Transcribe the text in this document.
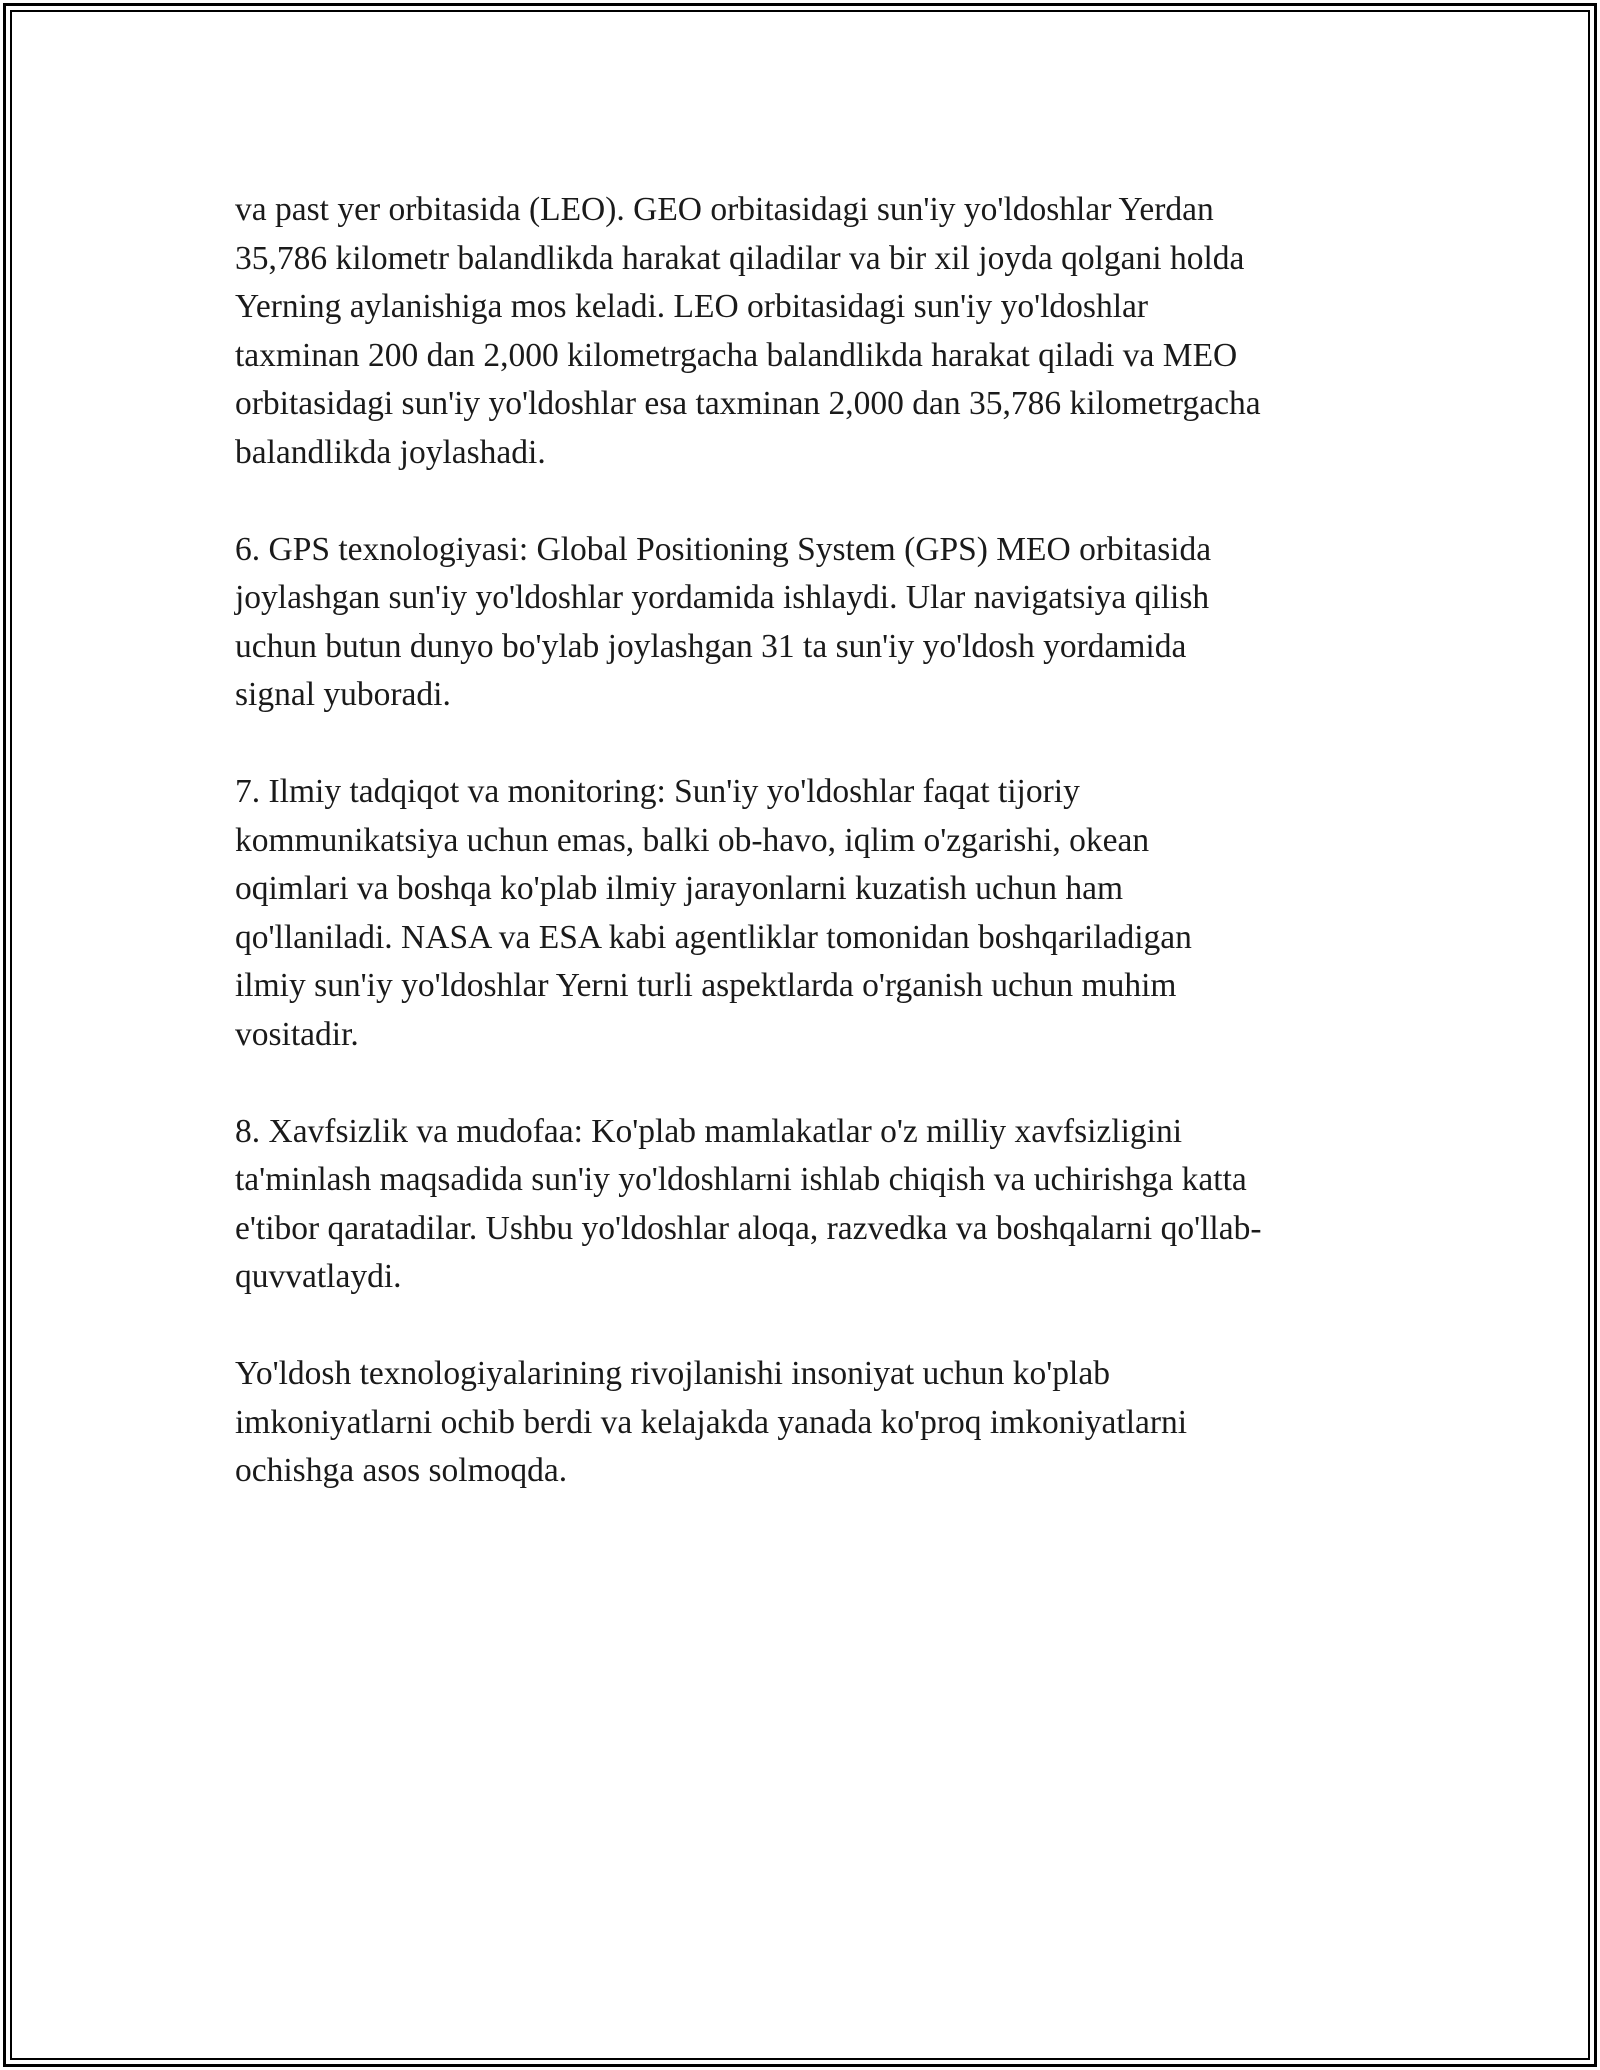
va past yer orbitasida (LEO). GEO orbitasidagi sun'iy yo'ldoshlar Yerdan
35,786 kilometr balandlikda harakat qiladilar va bir xil joyda qolgani holda
Yerning aylanishiga mos keladi. LEO orbitasidagi sun'iy yo'ldoshlar
taxminan 200 dan 2,000 kilometrgacha balandlikda harakat qiladi va MEO
orbitasidagi sun'iy yo'ldoshlar esa taxminan 2,000 dan 35,786 kilometrgacha
balandlikda joylashadi.

6. GPS texnologiyasi: Global Positioning System (GPS) MEO orbitasida
joylashgan sun'iy yo'ldoshlar yordamida ishlaydi. Ular navigatsiya qilish
uchun butun dunyo bo'ylab joylashgan 31 ta sun'iy yo'ldosh yordamida
signal yuboradi.

7. Ilmiy tadqiqot va monitoring: Sun'iy yo'ldoshlar faqat tijoriy
kommunikatsiya uchun emas, balki ob-havo, iqlim o'zgarishi, okean
oqimlari va boshqa ko'plab ilmiy jarayonlarni kuzatish uchun ham
qo'llaniladi. NASA va ESA kabi agentliklar tomonidan boshqariladigan
ilmiy sun'iy yo'ldoshlar Yerni turli aspektlarda o'rganish uchun muhim
vositadir.

8. Xavfsizlik va mudofaa: Ko'plab mamlakatlar o'z milliy xavfsizligini
ta'minlash maqsadida sun'iy yo'ldoshlarni ishlab chiqish va uchirishga katta
e'tibor qaratadilar. Ushbu yo'ldoshlar aloqa, razvedka va boshqalarni qo'llab-
quvvatlaydi.

Yo'ldosh texnologiyalarining rivojlanishi insoniyat uchun ko'plab
imkoniyatlarni ochib berdi va kelajakda yanada ko'proq imkoniyatlarni
ochishga asos solmoqda.
